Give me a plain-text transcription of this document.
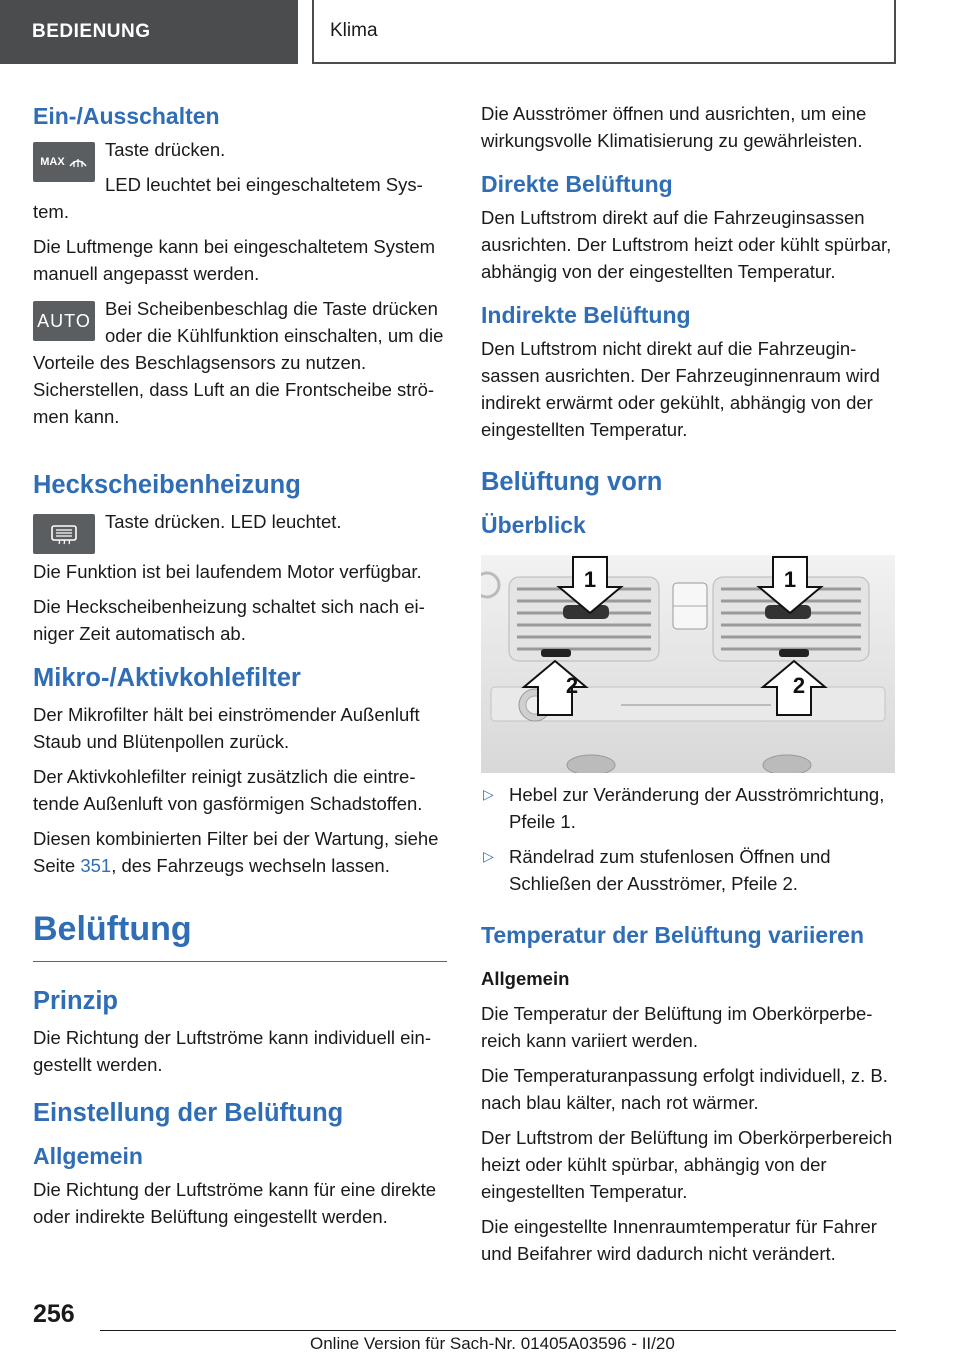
BEDIENUNG	Klima
Ein-/Ausschalten
MAX

Taste drücken.

LED leuchtet bei eingeschaltetem System.

Die Luftmenge kann bei eingeschaltetem System manuell angepasst werden.

AUTO

Bei Scheibenbeschlag die Taste drücken oder die Kühlfunktion einschalten, um die Vorteile des Beschlagsensors zu nutzen. Sicherstellen, dass Luft an die Frontscheibe strömen kann.

Heckscheibenheizung

Taste drücken. LED leuchtet.

Die Funktion ist bei laufendem Motor verfügbar.

Die Heckscheibenheizung schaltet sich nach einiger Zeit automatisch ab.

Mikro-/Aktivkohlefilter

Der Mikrofilter hält bei einströmender Außenluft Staub und Blütenpollen zurück.

Der Aktivkohlefilter reinigt zusätzlich die eintretende Außenluft von gasförmigen Schadstoffen.

Diesen kombinierten Filter bei der Wartung, siehe Seite 351, des Fahrzeugs wechseln lassen.

Belüftung
Prinzip

Die Richtung der Luftströme kann individuell eingestellt werden.

Einstellung der Belüftung
Allgemein

Die Richtung der Luftströme kann für eine direkte oder indirekte Belüftung eingestellt werden.

Die Ausströmer öffnen und ausrichten, um eine wirkungsvolle Klimatisierung zu gewährleisten.

Direkte Belüftung

Den Luftstrom direkt auf die Fahrzeuginsassen ausrichten. Der Luftstrom heizt oder kühlt spürbar, abhängig von der eingestellten Temperatur.

Indirekte Belüftung

Den Luftstrom nicht direkt auf die Fahrzeuginsassen ausrichten. Der Fahrzeuginnenraum wird indirekt erwärmt oder gekühlt, abhängig von der eingestellten Temperatur.

Belüftung vorn
Überblick
1	1
2	2
▷ Hebel zur Veränderung der Ausströmrichtung, Pfeile 1.
▷ Rändelrad zum stufenlosen Öffnen und Schließen der Ausströmer, Pfeile 2.
Temperatur der Belüftung variieren

Allgemein

Die Temperatur der Belüftung im Oberkörperbereich kann variiert werden.

Die Temperaturanpassung erfolgt individuell, z. B. nach blau kälter, nach rot wärmer.

Der Luftstrom der Belüftung im Oberkörperbereich heizt oder kühlt spürbar, abhängig von der eingestellten Temperatur.

Die eingestellte Innenraumtemperatur für Fahrer und Beifahrer wird dadurch nicht verändert.

256
Online Version für Sach-Nr. 01405A03596 - II/20
